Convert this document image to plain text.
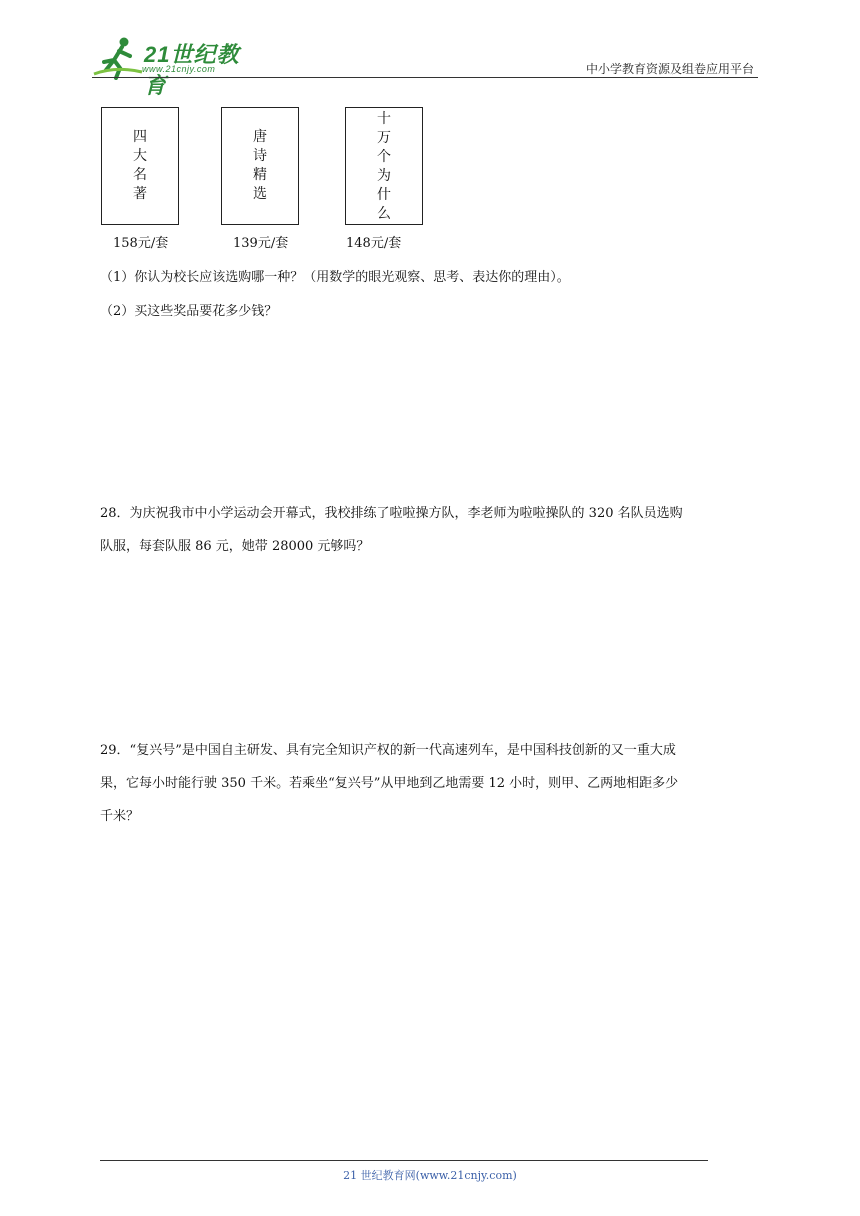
21世纪教育
www.21cnjy.com	中小学教育资源及组卷应用平台
四
大
名
著
158元/套
唐
诗
精
选
139元/套
十
万
个
为
什
么
148元/套
（1）你认为校长应该选购哪一种？（用数学的眼光观察、思考、表达你的理由）。
（2）买这些奖品要花多少钱？
28．为庆祝我市中小学运动会开幕式，我校排练了啦啦操方队，李老师为啦啦操队的 320 名队员选购
队服，每套队服 86 元，她带 28000 元够吗？
29．“复兴号”是中国自主研发、具有完全知识产权的新一代高速列车，是中国科技创新的又一重大成
果，它每小时能行驶 350 千米。若乘坐“复兴号”从甲地到乙地需要 12 小时，则甲、乙两地相距多少
千米？
21 世纪教育网(www.21cnjy.com)
